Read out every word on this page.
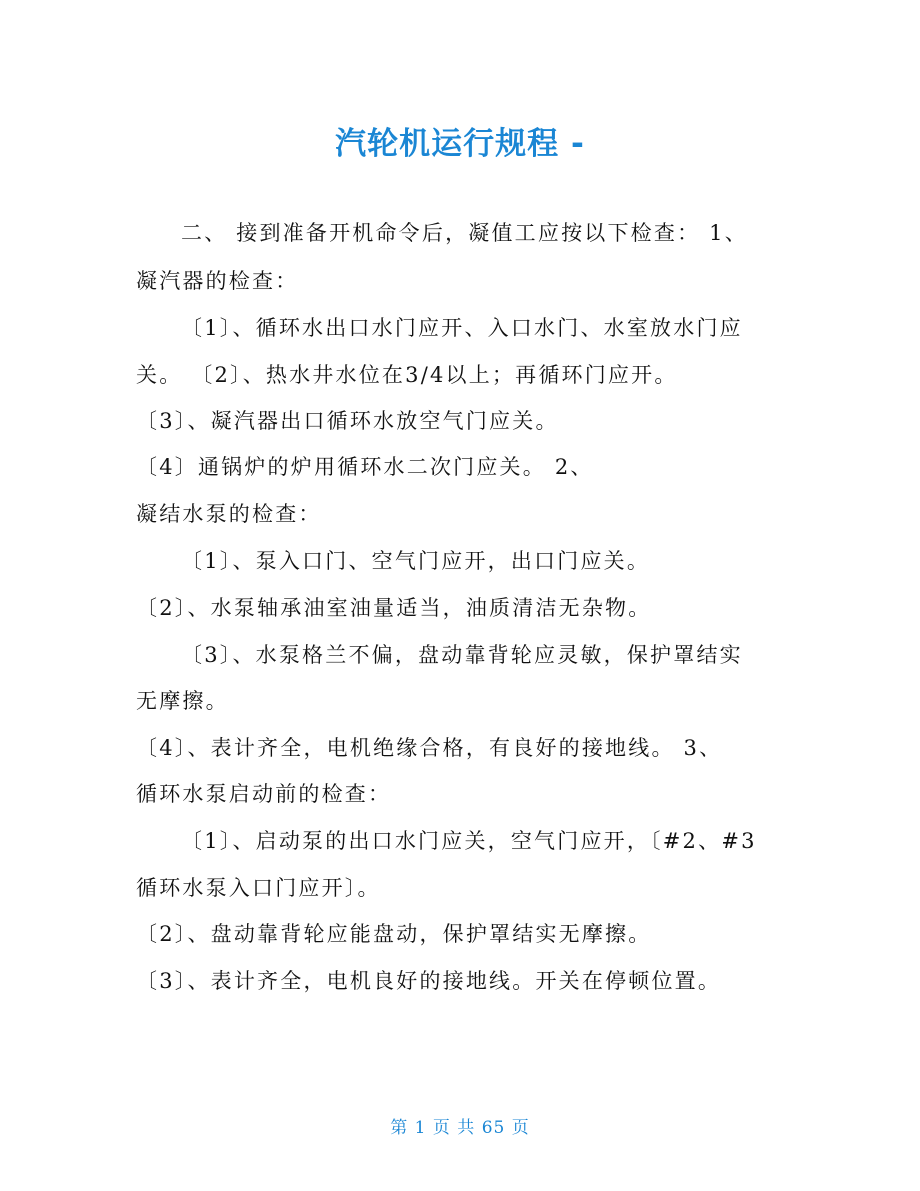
汽轮机运行规程 -
二、 接到准备开机命令后，凝值工应按以下检查： 1、
凝汽器的检查：
〔1〕、循环水出口水门应开、入口水门、水室放水门应
关。 〔2〕、热水井水位在3/4以上；再循环门应开。
〔3〕、凝汽器出口循环水放空气门应关。
〔4〕通锅炉的炉用循环水二次门应关。 2、
凝结水泵的检查：
〔1〕、泵入口门、空气门应开，出口门应关。
〔2〕、水泵轴承油室油量适当，油质清洁无杂物。
〔3〕、水泵格兰不偏，盘动靠背轮应灵敏，保护罩结实
无摩擦。
〔4〕、表计齐全，电机绝缘合格，有良好的接地线。 3、
循环水泵启动前的检查：
〔1〕、启动泵的出口水门应关，空气门应开，〔#2、#3
循环水泵入口门应开〕。
〔2〕、盘动靠背轮应能盘动，保护罩结实无摩擦。
〔3〕、表计齐全，电机良好的接地线。开关在停顿位置。
第 1 页 共 65 页
